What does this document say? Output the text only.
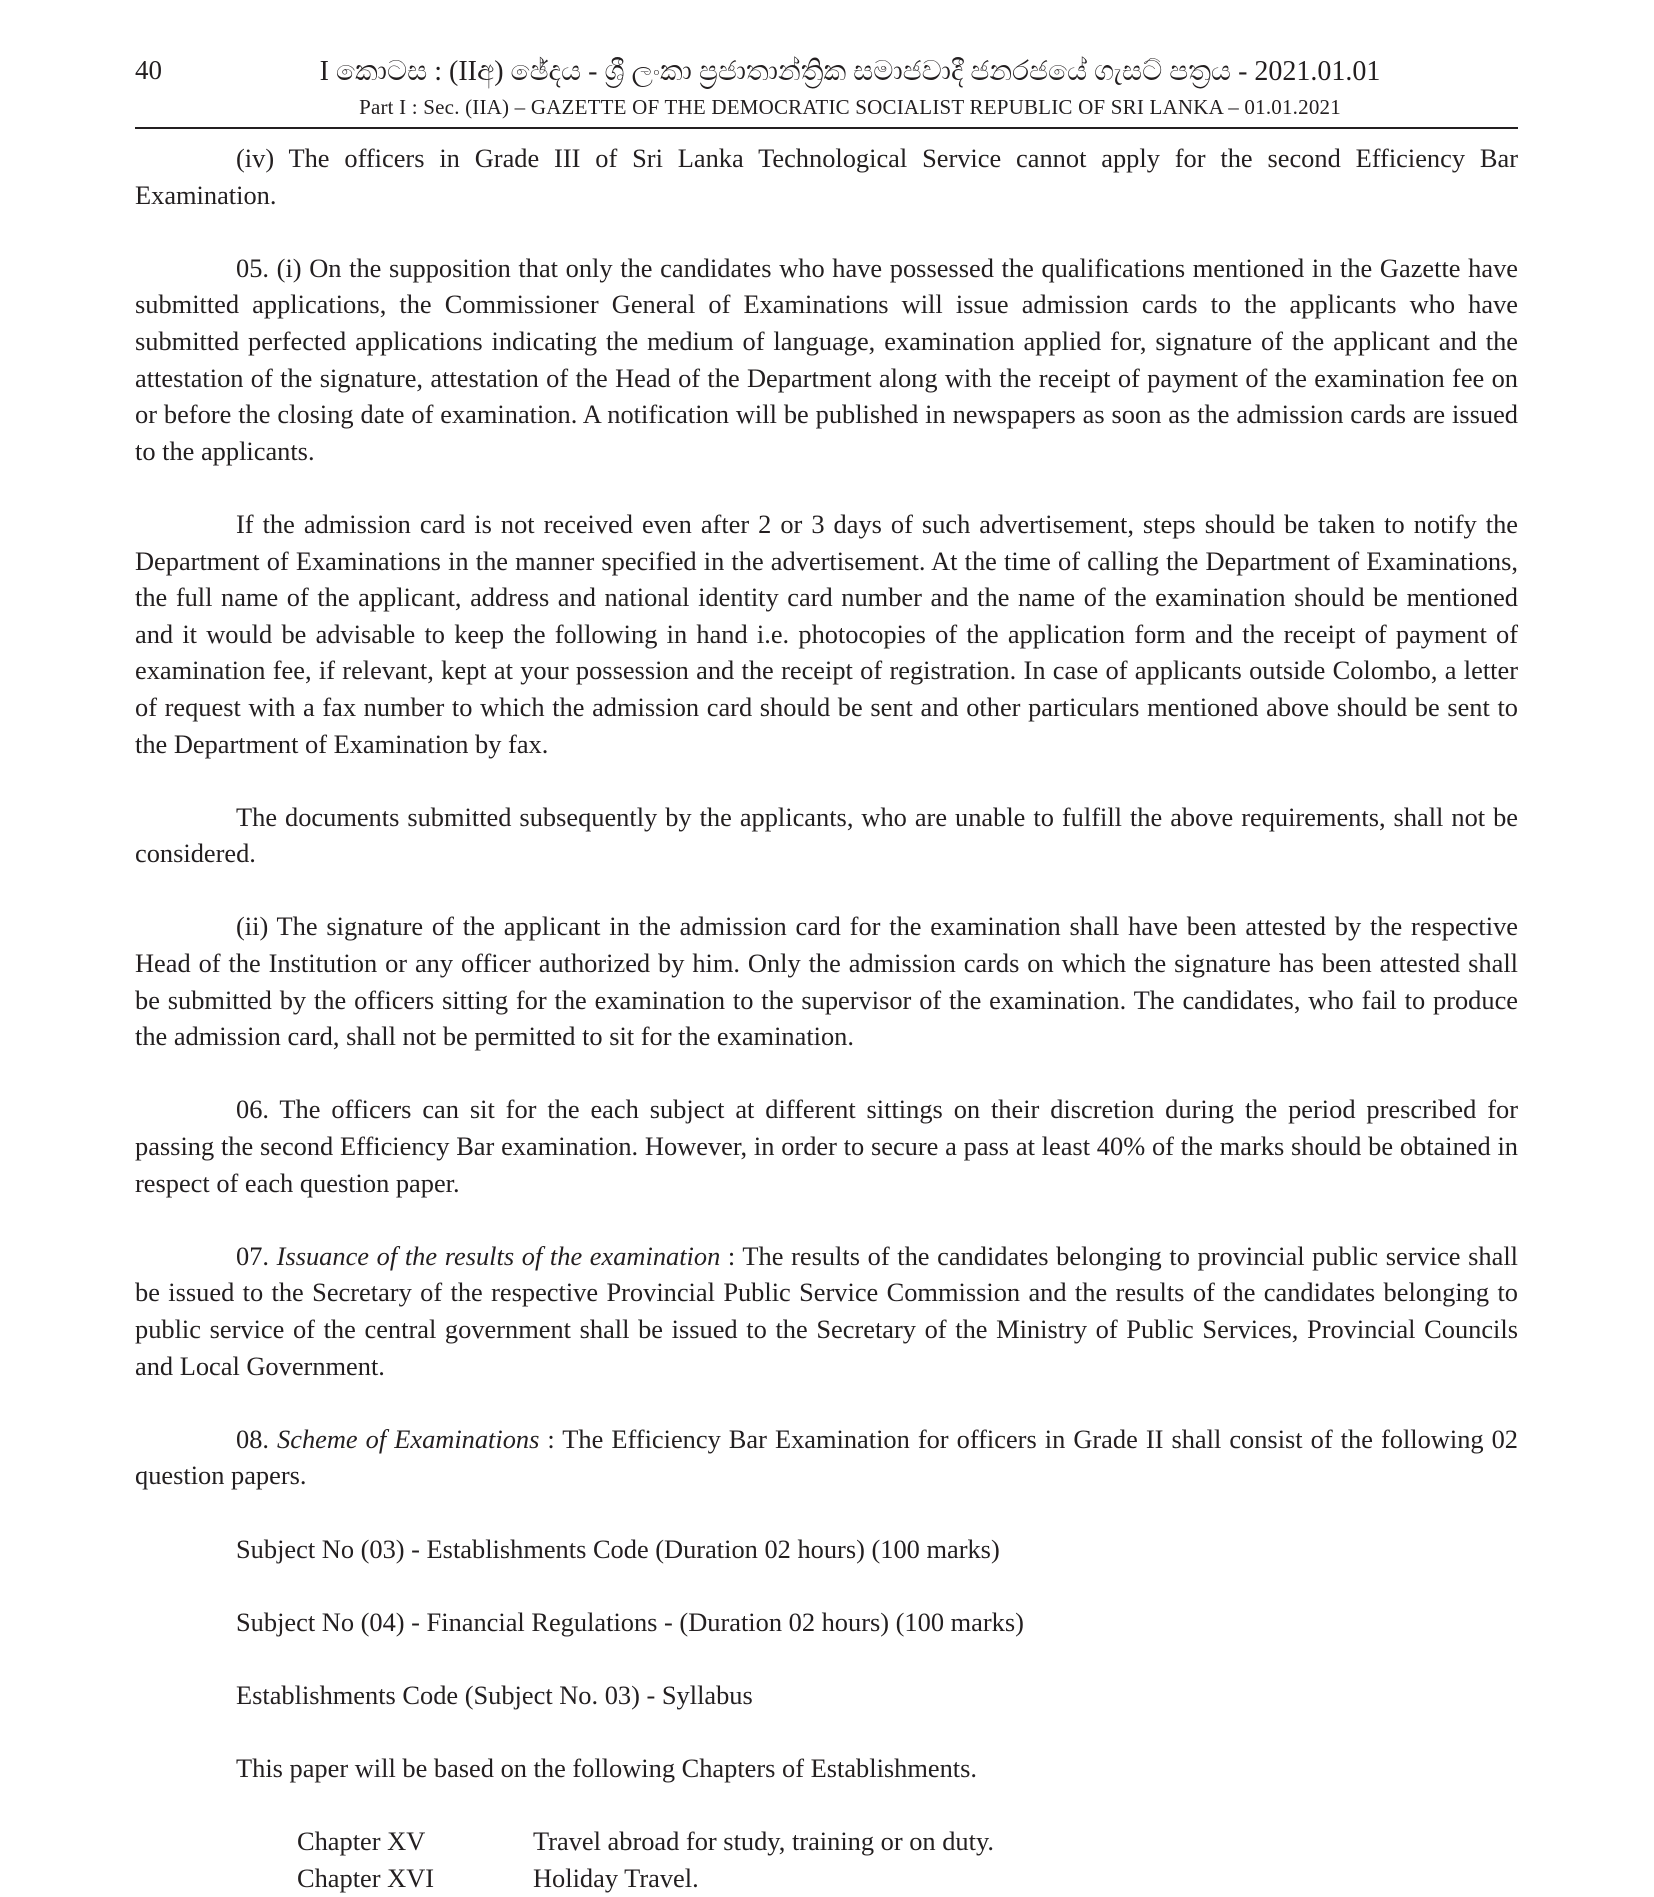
40	I කොටස : (IIඅ) ඡේදය - ශ්‍රී ලංකා ප්‍රජාතාන්ත්‍රික සමාජවාදී ජනරජයේ ගැසට් පත්‍රය - 2021.01.01
Part I : Sec. (IIA) – GAZETTE OF THE DEMOCRATIC SOCIALIST REPUBLIC OF SRI LANKA – 01.01.2021

(iv) The officers in Grade III of Sri Lanka Technological Service cannot apply for the second Efficiency Bar Examination.

05. (i) On the supposition that only the candidates who have possessed the qualifications mentioned in the Gazette have submitted applications, the Commissioner General of Examinations will issue admission cards to the applicants who have submitted perfected applications indicating the medium of language, examination applied for, signature of the applicant and the attestation of the signature, attestation of the Head of the Department along with the receipt of payment of the examination fee on or before the closing date of examination. A notification will be published in newspapers as soon as the admission cards are issued to the applicants.

If the admission card is not received even after 2 or 3 days of such advertisement, steps should be taken to notify the Department of Examinations in the manner specified in the advertisement. At the time of calling the Department of Examinations, the full name of the applicant, address and national identity card number and the name of the examination should be mentioned and it would be advisable to keep the following in hand i.e. photocopies of the application form and the receipt of payment of examination fee, if relevant, kept at your possession and the receipt of registration. In case of applicants outside Colombo, a letter of request with a fax number to which the admission card should be sent and other particulars mentioned above should be sent to the Department of Examination by fax.

The documents submitted subsequently by the applicants, who are unable to fulfill the above requirements, shall not be considered.

(ii) The signature of the applicant in the admission card for the examination shall have been attested by the respective Head of the Institution or any officer authorized by him. Only the admission cards on which the signature has been attested shall be submitted by the officers sitting for the examination to the supervisor of the examination. The candidates, who fail to produce the admission card, shall not be permitted to sit for the examination.

06. The officers can sit for the each subject at different sittings on their discretion during the period prescribed for passing the second Efficiency Bar examination. However, in order to secure a pass at least 40% of the marks should be obtained in respect of each question paper.

07. Issuance of the results of the examination : The results of the candidates belonging to provincial public service shall be issued to the Secretary of the respective Provincial Public Service Commission and the results of the candidates belonging to public service of the central government shall be issued to the Secretary of the Ministry of Public Services, Provincial Councils and Local Government.

08. Scheme of Examinations : The Efficiency Bar Examination for officers in Grade II shall consist of the following 02 question papers.

Subject No (03) - Establishments Code (Duration 02 hours) (100 marks)
Subject No (04) - Financial Regulations - (Duration 02 hours) (100 marks)
Establishments Code (Subject No. 03) - Syllabus
This paper will be based on the following Chapters of Establishments.
Chapter XV	Travel abroad for study, training or on duty.
Chapter XVI	Holiday Travel.
